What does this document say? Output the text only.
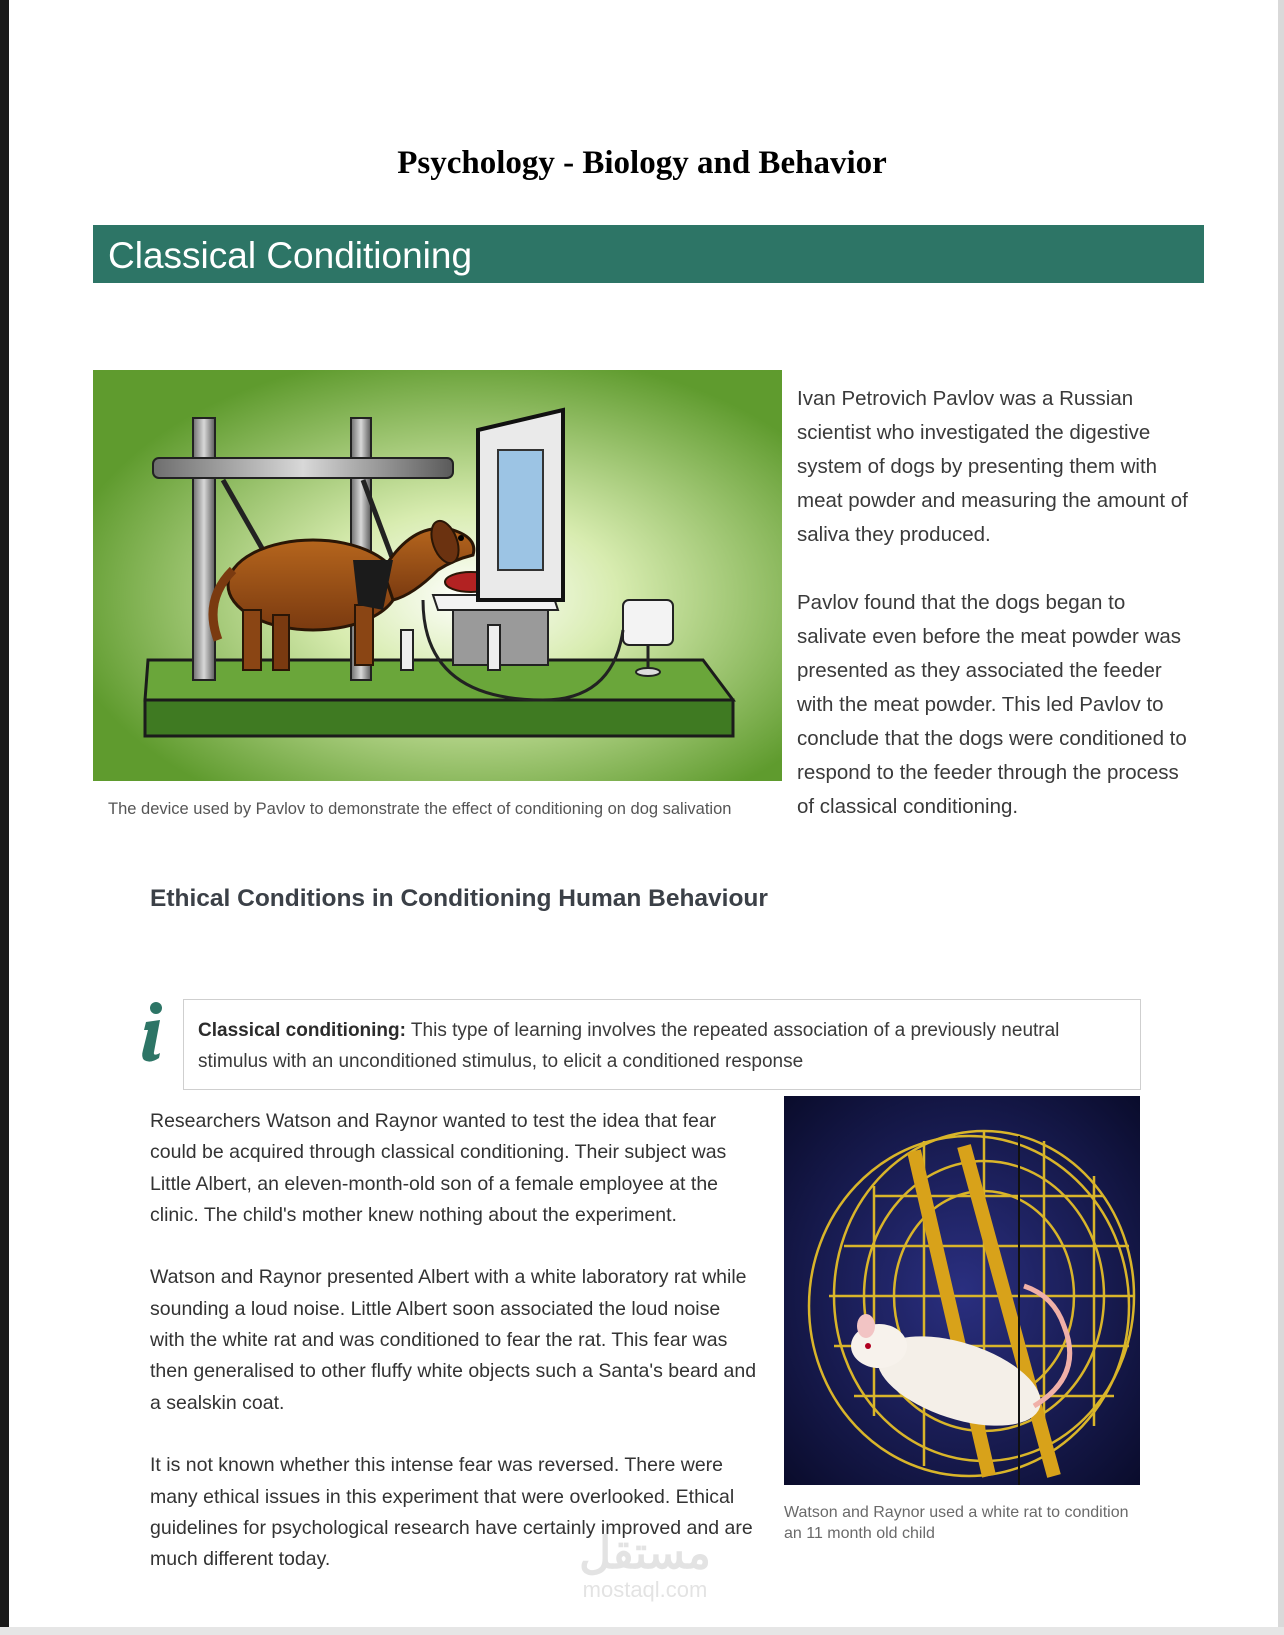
Psychology - Biology and Behavior
Classical Conditioning
The device used by Pavlov to demonstrate the effect of conditioning on dog salivation

Ivan Petrovich Pavlov was a Russian scientist who investigated the digestive system of dogs by presenting them with meat powder and measuring the amount of saliva they produced.

Pavlov found that the dogs began to salivate even before the meat powder was presented as they associated the feeder with the meat powder. This led Pavlov to conclude that the dogs were conditioned to respond to the feeder through the process of classical conditioning.

Ethical Conditions in Conditioning Human Behaviour
Classical conditioning: This type of learning involves the repeated association of a previously neutral stimulus with an unconditioned stimulus, to elicit a conditioned response

Researchers Watson and Raynor wanted to test the idea that fear could be acquired through classical conditioning. Their subject was Little Albert, an eleven-month-old son of a female employee at the clinic. The child's mother knew nothing about the experiment.

Watson and Raynor presented Albert with a white laboratory rat while sounding a loud noise. Little Albert soon associated the loud noise with the white rat and was conditioned to fear the rat. This fear was then generalised to other fluffy white objects such a Santa's beard and a sealskin coat.

It is not known whether this intense fear was reversed. There were many ethical issues in this experiment that were overlooked. Ethical guidelines for psychological research have certainly improved and are much different today.

Watson and Raynor used a white rat to condition an 11 month old child
مستقل
mostaql.com
